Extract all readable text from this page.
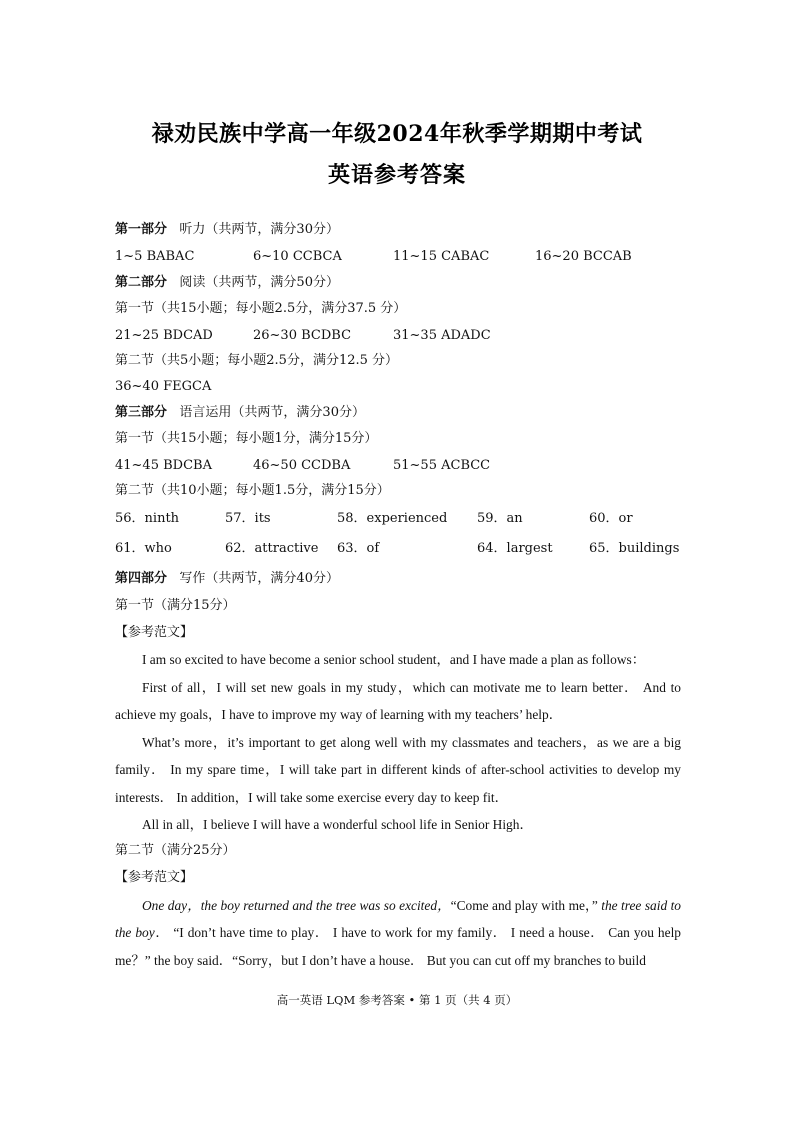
禄劝民族中学高一年级2024年秋季学期期中考试
英语参考答案
第一部分 听力（共两节，满分30分）
1~5 BABAC	6~10 CCBCA	11~15 CABAC	16~20 BCCAB
第二部分 阅读（共两节，满分50分）
第一节（共15小题；每小题2.5分，满分37.5 分）
21~25 BDCAD	26~30 BCDBC	31~35 ADADC
第二节（共5小题；每小题2.5分，满分12.5 分）
36~40 FEGCA
第三部分 语言运用（共两节，满分30分）
第一节（共15小题；每小题1分，满分15分）
41~45 BDCBA	46~50 CCDBA	51~55 ACBCC
第二节（共10小题；每小题1.5分，满分15分）
56．ninth	57．its	58．experienced 59．an	60．or
61．who	62．attractive 63．of	64．largest	65．buildings
第四部分 写作（共两节，满分40分）
第一节（满分15分）
【参考范文】
I am so excited to have become a senior school student，and I have made a plan as follows：
First of all，I will set new goals in my study，which can motivate me to learn better． And to achieve my goals，I have to improve my way of learning with my teachers’ help．
What’s more，it’s important to get along well with my classmates and teachers，as we are a big family． In my spare time，I will take part in different kinds of after-school activities to develop my interests． In addition，I will take some exercise every day to keep fit．
All in all，I believe I will have a wonderful school life in Senior High．
第二节（满分25分）
【参考范文】
One day，the boy returned and the tree was so excited，“Come and play with me，” the tree said to the boy． “I don’t have time to play． I have to work for my family． I need a house． Can you help me？” the boy said．“Sorry，but I don’t have a house． But you can cut off my branches to build
高一英语 LQM 参考答案 • 第 1 页（共 4 页）
